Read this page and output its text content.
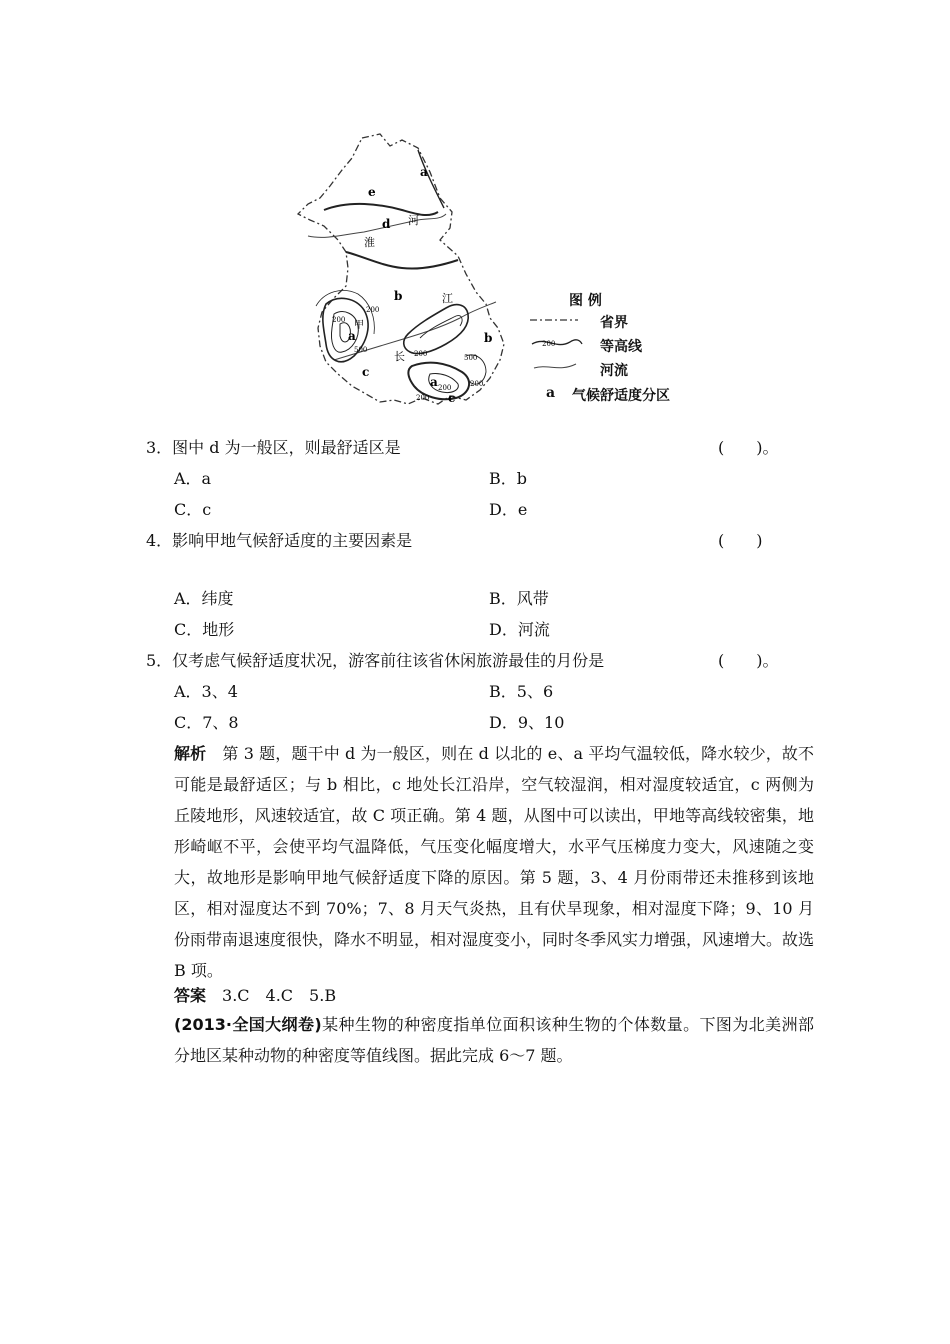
a
e
d 河
淮
b	江
甲
a
c
b
长
a
c
200
200
500	200
200
500
200
200
200
图 例
省界
等高线
河流
a 气候舒适度分区
3．图中 d 为一般区，则最舒适区是	(　　)。
A．a	B．b
C．c	D．e
4．影响甲地气候舒适度的主要因素是	(　　)
A．纬度	B．风带
C．地形	D．河流
5．仅考虑气候舒适度状况，游客前往该省休闲旅游最佳的月份是	(　　)。
A．3、4	B．5、6
C．7、8	D．9、10
解析　 第 3 题，题干中 d 为一般区，则在 d 以北的 e、a 平均气温较低，降水较少，故不可能是最舒适区；与 b 相比，c 地处长江沿岸，空气较湿润，相对湿度较适宜，c 两侧为丘陵地形，风速较适宜，故 C 项正确。第 4 题，从图中可以读出，甲地等高线较密集，地形崎岖不平，会使平均气温降低，气压变化幅度增大，水平气压梯度力变大，风速随之变大，故地形是影响甲地气候舒适度下降的原因。第 5 题，3、4 月份雨带还未推移到该地区，相对湿度达不到 70%；7、8 月天气炎热，且有伏旱现象，相对湿度下降；9、10 月份雨带南退速度很快，降水不明显，相对湿度变小，同时冬季风实力增强，风速增大。故选 B 项。
答案　 3.C　4.C　5.B
(2013·全国大纲卷)某种生物的种密度指单位面积该种生物的个体数量。下图为北美洲部分地区某种动物的种密度等值线图。据此完成 6～7 题。
